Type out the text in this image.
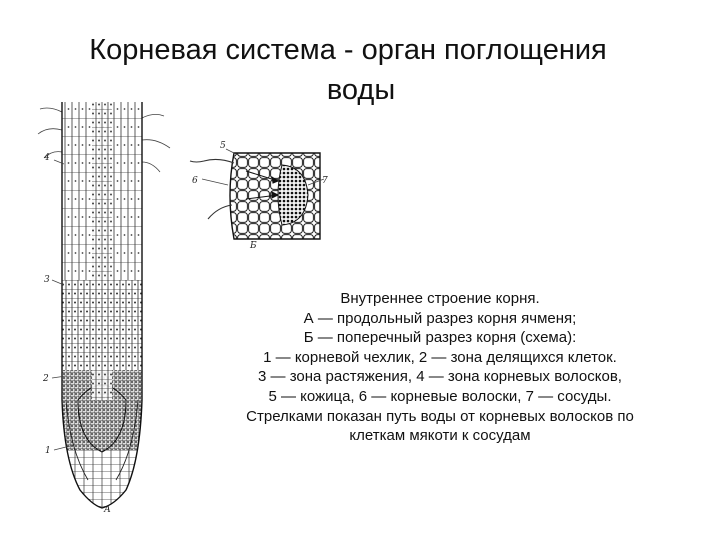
Корневая система - орган поглощения
воды
4
3
2
1
А
5
6	7
Б
Внутреннее строение корня.
А — продольный разрез корня ячменя;
Б — поперечный разрез корня (схема):
1 — корневой чехлик, 2 — зона делящихся клеток.
3 — зона растяжения, 4 — зона корневых волосков,
5 — кожица, 6 — корневые волоски, 7 — сосуды.
Стрелками показан путь воды от корневых волосков по
клеткам мякоти к сосудам
